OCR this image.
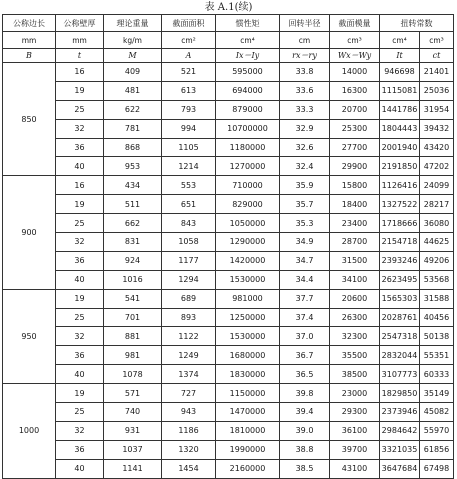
表 A.1(续)
公称边长	公称壁厚	理论重量	截面面积	惯性矩	回转半径	截面模量	扭转常数	
mm	mm	kg/m	cm²	cm⁴	cm	cm³	cm⁴	cm³
B	t	M	A	Ix＝Iy	rx＝ry	Wx＝Wy	It	ct
850	16	409	521	595000	33.8	14000	946698	21401
	19	481	613	694000	33.6	16300	1115081	25036
	25	622	793	879000	33.3	20700	1441786	31954
	32	781	994	10700000	32.9	25300	1804443	39432
	36	868	1105	1180000	32.6	27700	2001940	43420
	40	953	1214	1270000	32.4	29900	2191850	47202
900	16	434	553	710000	35.9	15800	1126416	24099
	19	511	651	829000	35.7	18400	1327522	28217
	25	662	843	1050000	35.3	23400	1718666	36080
	32	831	1058	1290000	34.9	28700	2154718	44625
	36	924	1177	1420000	34.7	31500	2393246	49206
	40	1016	1294	1530000	34.4	34100	2623495	53568
950	19	541	689	981000	37.7	20600	1565303	31588
	25	701	893	1250000	37.4	26300	2028761	40456
	32	881	1122	1530000	37.0	32300	2547318	50138
	36	981	1249	1680000	36.7	35500	2832044	55351
	40	1078	1374	1830000	36.5	38500	3107773	60333
1000	19	571	727	1150000	39.8	23000	1829850	35149
	25	740	943	1470000	39.4	29300	2373946	45082
	32	931	1186	1810000	39.0	36100	2984642	55970
	36	1037	1320	1990000	38.8	39700	3321035	61856
	40	1141	1454	2160000	38.5	43100	3647684	67498
